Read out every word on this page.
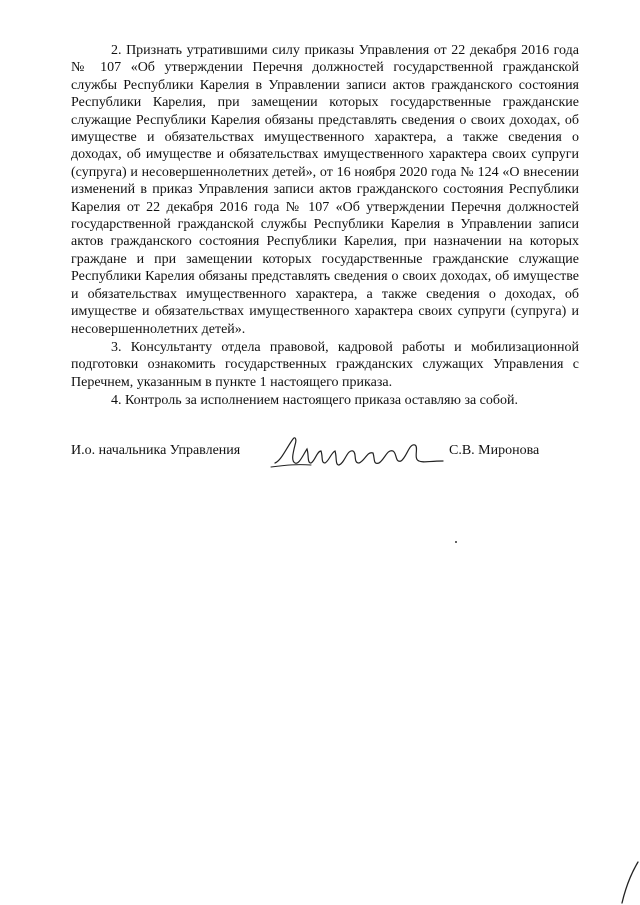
2. Признать утратившими силу приказы Управления от 22 декабря 2016 года № 107 «Об утверждении Перечня должностей государственной гражданской службы Республики Карелия в Управлении записи актов гражданского состояния Республики Карелия, при замещении которых государственные гражданские служащие Республики Карелия обязаны представлять сведения о своих доходах, об имуществе и обязательствах имущественного характера, а также сведения о доходах, об имуществе и обязательствах имущественного характера своих супруги (супруга) и несовершеннолетних детей», от 16 ноября 2020 года № 124 «О внесении изменений в приказ Управления записи актов гражданского состояния Республики Карелия от 22 декабря 2016 года № 107 «Об утверждении Перечня должностей государственной гражданской службы Республики Карелия в Управлении записи актов гражданского состояния Республики Карелия, при назначении на которых граждане и при замещении которых государственные гражданские служащие Республики Карелия обязаны представлять сведения о своих доходах, об имуществе и обязательствах имущественного характера, а также сведения о доходах, об имуществе и обязательствах имущественного характера своих супруги (супруга) и несовершеннолетних детей».

3. Консультанту отдела правовой, кадровой работы и мобилизационной подготовки ознакомить государственных гражданских служащих Управления с Перечнем, указанным в пункте 1 настоящего приказа.

4. Контроль за исполнением настоящего приказа оставляю за собой.

И.о. начальника Управления	С.В. Миронова
